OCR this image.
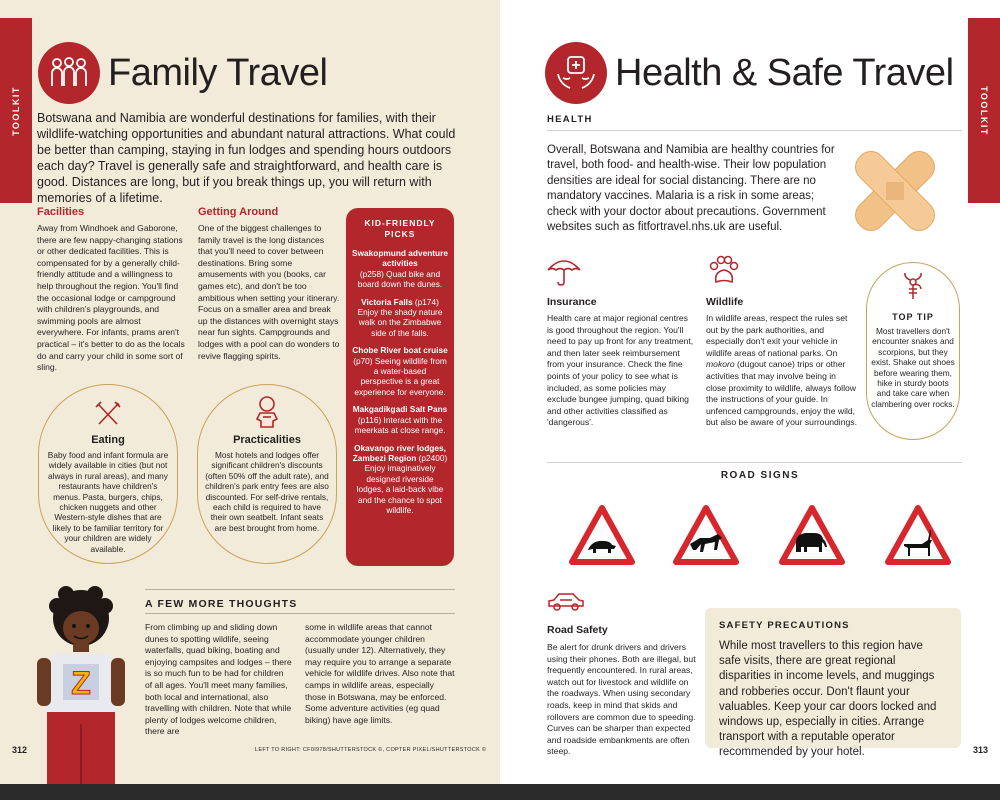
TOOLKIT
Family Travel
Botswana and Namibia are wonderful destinations for families, with their wildlife-watching opportunities and abundant natural attractions. What could be better than camping, staying in fun lodges and spending hours outdoors each day? Travel is generally safe and straightforward, and health care is good. Distances are long, but if you break things up, you will return with memories of a lifetime.
Facilities
Away from Windhoek and Gaborone, there are few nappy-changing stations or other dedicated facilities. This is compensated for by a generally child-friendly attitude and a willingness to help throughout the region. You'll find the occasional lodge or campground with children's playgrounds, and swimming pools are almost everywhere. For infants, prams aren't practical – it's better to do as the locals do and carry your child in some sort of sling.
Getting Around
One of the biggest challenges to family travel is the long distances that you'll need to cover between destinations. Bring some amusements with you (books, car games etc), and don't be too ambitious when setting your itinerary. Focus on a smaller area and break up the distances with overnight stays near fun sights. Campgrounds and lodges with a pool can do wonders to revive flagging spirits.
KID-FRIENDLY PICKS
Swakopmund adventure activities
(p258) Quad bike and board down the dunes.
Victoria Falls (p174) Enjoy the shady nature walk on the Zimbabwe side of the falls.
Chobe River boat cruise (p70) Seeing wildlife from a water-based perspective is a great experience for everyone.
Makgadikgadi Salt Pans (p116) Interact with the meerkats at close range.
Okavango river lodges, Zambezi Region (p2400) Enjoy imaginatively designed riverside lodges, a laid-back vibe and the chance to spot wildlife.
Eating
Baby food and infant formula are widely available in cities (but not always in rural areas), and many restaurants have children's menus. Pasta, burgers, chips, chicken nuggets and other Western-style dishes that are likely to be familiar territory for your children are widely available.
Practicalities
Most hotels and lodges offer significant children's discounts (often 50% off the adult rate), and children's park entry fees are also discounted. For self-drive rentals, each child is required to have their own seatbelt. Infant seats are best brought from home.
Z
A FEW MORE THOUGHTS
From climbing up and sliding down dunes to spotting wildlife, seeing waterfalls, quad biking, boating and enjoying campsites and lodges – there is so much fun to be had for children of all ages. You'll meet many families, both local and international, also travelling with children. Note that while plenty of lodges welcome children, there are
some in wildlife areas that cannot accommodate younger children (usually under 12). Alternatively, they may require you to arrange a separate vehicle for wildlife drives. Also note that camps in wildlife areas, especially those in Botswana, may be enforced. Some adventure activities (eg quad biking) have age limits.
312	LEFT TO RIGHT: CF0I978/SHUTTERSTOCK ©, COPTER PIXEL/SHUTTERSTOCK ©
TOOLKIT
Health & Safe Travel
HEALTH
Overall, Botswana and Namibia are healthy countries for travel, both food- and health-wise. Their low population densities are ideal for social distancing. There are no mandatory vaccines. Malaria is a risk in some areas; check with your doctor about precautions. Government websites such as fitfortravel.nhs.uk are useful.
Insurance
Health care at major regional centres is good throughout the region. You'll need to pay up front for any treatment, and then later seek reimbursement from your insurance. Check the fine points of your policy to see what is included, as some policies may exclude bungee jumping, quad biking and other activities classified as 'dangerous'.
Wildlife
In wildlife areas, respect the rules set out by the park authorities, and especially don't exit your vehicle in wildlife areas of national parks. On mokoro (dugout canoe) trips or other activities that may involve being in close proximity to wildlife, always follow the instructions of your guide. In unfenced campgrounds, enjoy the wild, but also be aware of your surroundings.
TOP TIP
Most travellers don't encounter snakes and scorpions, but they exist. Shake out shoes before wearing them, hike in sturdy boots and take care when clambering over rocks.
ROAD SIGNS
Road Safety
Be alert for drunk drivers and drivers using their phones. Both are illegal, but frequently encountered. In rural areas, watch out for livestock and wildlife on the roadways. When using secondary roads, keep in mind that skids and rollovers are common due to speeding. Curves can be sharper than expected and roadside embankments are often steep.
SAFETY PRECAUTIONS
While most travellers to this region have safe visits, there are great regional disparities in income levels, and muggings and robberies occur. Don't flaunt your valuables. Keep your car doors locked and windows up, especially in cities. Arrange transport with a reputable operator recommended by your hotel.	313
